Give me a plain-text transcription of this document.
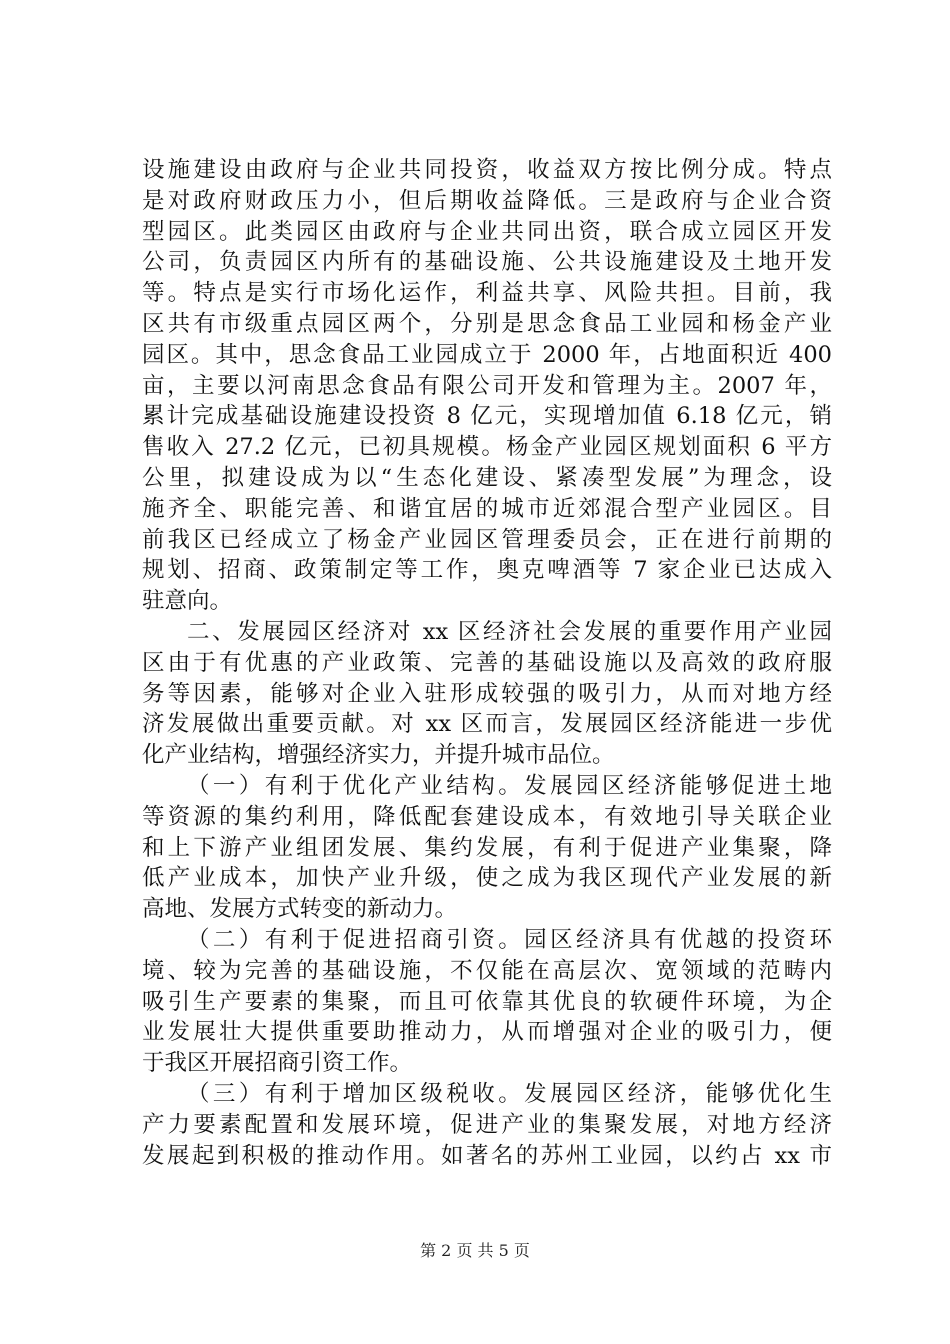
设施建设由政府与企业共同投资，收益双方按比例分成。特点
是对政府财政压力小，但后期收益降低。三是政府与企业合资
型园区。此类园区由政府与企业共同出资，联合成立园区开发
公司，负责园区内所有的基础设施、公共设施建设及土地开发
等。特点是实行市场化运作，利益共享、风险共担。目前，我
区共有市级重点园区两个，分别是思念食品工业园和杨金产业
园区。其中，思念食品工业园成立于 2000 年，占地面积近 400
亩，主要以河南思念食品有限公司开发和管理为主。2007 年，
累计完成基础设施建设投资 8 亿元，实现增加值 6.18 亿元，销
售收入 27.2 亿元，已初具规模。杨金产业园区规划面积 6 平方
公里，拟建设成为以“生态化建设、紧凑型发展”为理念，设
施齐全、职能完善、和谐宜居的城市近郊混合型产业园区。目
前我区已经成立了杨金产业园区管理委员会，正在进行前期的
规划、招商、政策制定等工作，奥克啤酒等 7 家企业已达成入
驻意向。
二、发展园区经济对 xx 区经济社会发展的重要作用产业园
区由于有优惠的产业政策、完善的基础设施以及高效的政府服
务等因素，能够对企业入驻形成较强的吸引力，从而对地方经
济发展做出重要贡献。对 xx 区而言，发展园区经济能进一步优
化产业结构，增强经济实力，并提升城市品位。
（一）有利于优化产业结构。发展园区经济能够促进土地
等资源的集约利用，降低配套建设成本，有效地引导关联企业
和上下游产业组团发展、集约发展，有利于促进产业集聚，降
低产业成本，加快产业升级，使之成为我区现代产业发展的新
高地、发展方式转变的新动力。
（二）有利于促进招商引资。园区经济具有优越的投资环
境、较为完善的基础设施，不仅能在高层次、宽领域的范畴内
吸引生产要素的集聚，而且可依靠其优良的软硬件环境，为企
业发展壮大提供重要助推动力，从而增强对企业的吸引力，便
于我区开展招商引资工作。
（三）有利于增加区级税收。发展园区经济，能够优化生
产力要素配置和发展环境，促进产业的集聚发展，对地方经济
发展起到积极的推动作用。如著名的苏州工业园，以约占 xx 市
第 2 页 共 5 页
